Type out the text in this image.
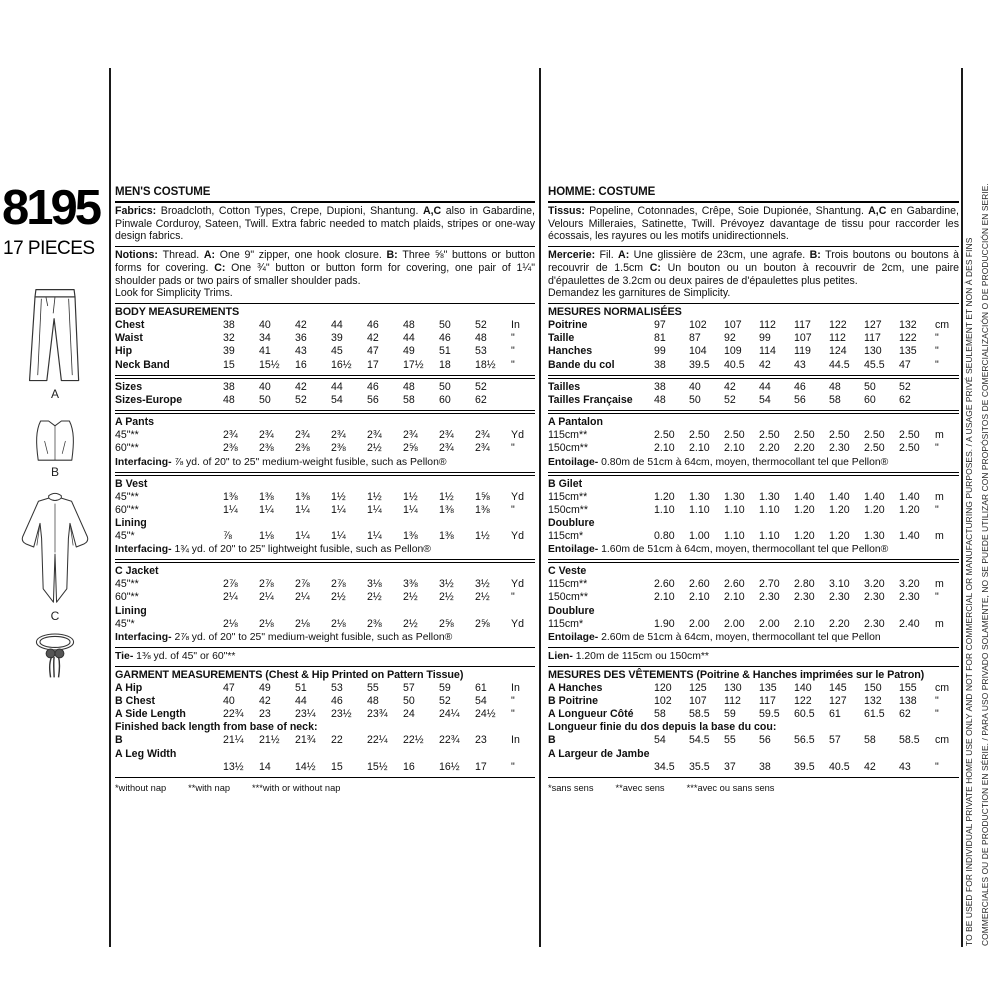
8195
17 PIECES
A
B
C
MEN'S COSTUME
Fabrics: Broadcloth, Cotton Types, Crepe, Dupioni, Shantung. A,C also in Gabardine, Pinwale Corduroy, Sateen, Twill. Extra fabric needed to match plaids, stripes or one-way design fabrics.
Notions: Thread. A: One 9" zipper, one hook closure. B: Three ⅝" buttons or button forms for covering. C: One ¾" button or button form for covering, one pair of 1¼" shoulder pads or two pairs of smaller shoulder pads.
Look for Simplicity Trims.
BODY MEASUREMENTS
Chest	38	40	42	44	46	48	50	52	In
Waist	32	34	36	39	42	44	46	48	"
Hip	39	41	43	45	47	49	51	53	"
Neck Band	15	15½	16	16½	17	17½	18	18½	"
Sizes	38	40	42	44	46	48	50	52
Sizes-Europe	48	50	52	54	56	58	60	62
A Pants
45"**	2¾	2¾	2¾	2¾	2¾	2¾	2¾	2¾	Yd
60"**	2⅜	2⅜	2⅜	2⅜	2½	2⅝	2¾	2¾	"
Interfacing- ⅞ yd. of 20" to 25" medium-weight fusible, such as Pellon®
B Vest
45"**	1⅜	1⅜	1⅜	1½	1½	1½	1½	1⅝	Yd
60"**	1¼	1¼	1¼	1¼	1¼	1¼	1⅜	1⅜	"
Lining
45"*	⅞	1⅛	1¼	1¼	1¼	1⅜	1⅜	1½	Yd
Interfacing- 1¾ yd. of 20" to 25" lightweight fusible, such as Pellon®
C Jacket
45"**	2⅞	2⅞	2⅞	2⅞	3⅛	3⅜	3½	3½	Yd
60"**	2¼	2¼	2¼	2½	2½	2½	2½	2½	"
Lining
45"*	2⅛	2⅛	2⅛	2⅛	2⅜	2½	2⅝	2⅝	Yd
Interfacing- 2⅞ yd. of 20" to 25" medium-weight fusible, such as Pellon®
Tie- 1⅜ yd. of 45" or 60"**
GARMENT MEASUREMENTS (Chest & Hip Printed on Pattern Tissue)
A Hip	47	49	51	53	55	57	59	61	In
B Chest	40	42	44	46	48	50	52	54	"
A Side Length	22¾	23	23¼	23½	23¾	24	24¼	24½	"
Finished back length from base of neck:
B	21¼	21½	21¾	22	22¼	22½	22¾	23	In
A Leg Width
13½	14	14½	15	15½	16	16½	17	"
*without nap **with nap ***with or without nap
HOMME: COSTUME
Tissus: Popeline, Cotonnades, Crêpe, Soie Dupionée, Shantung. A,C en Gabardine, Velours Milleraies, Satinette, Twill. Prévoyez davantage de tissu pour raccorder les écossais, les rayures ou les motifs unidirectionnels.
Mercerie: Fil. A: Une glissière de 23cm, une agrafe. B: Trois boutons ou boutons à recouvrir de 1.5cm C: Un bouton ou un bouton à recouvrir de 2cm, une paire d'épaulettes de 3.2cm ou deux paires de d'épaulettes plus petites.
Demandez les garnitures de Simplicity.
MESURES NORMALISÉES
Poitrine	97	102	107	112	117	122	127	132	cm
Taille	81	87	92	99	107	112	117	122	"
Hanches	99	104	109	114	119	124	130	135	"
Bande du col	38	39.5	40.5	42	43	44.5	45.5	47	"
Tailles	38	40	42	44	46	48	50	52
Tailles Française	48	50	52	54	56	58	60	62
A Pantalon
115cm**	2.50	2.50	2.50	2.50	2.50	2.50	2.50	2.50	m
150cm**	2.10	2.10	2.10	2.20	2.20	2.30	2.50	2.50	"
Entoilage- 0.80m de 51cm à 64cm, moyen, thermocollant tel que Pellon®
B Gilet
115cm**	1.20	1.30	1.30	1.30	1.40	1.40	1.40	1.40	m
150cm**	1.10	1.10	1.10	1.10	1.20	1.20	1.20	1.20	"
Doublure
115cm*	0.80	1.00	1.10	1.10	1.20	1.20	1.30	1.40	m
Entoilage- 1.60m de 51cm à 64cm, moyen, thermocollant tel que Pellon®
C Veste
115cm**	2.60	2.60	2.60	2.70	2.80	3.10	3.20	3.20	m
150cm**	2.10	2.10	2.10	2.30	2.30	2.30	2.30	2.30	"
Doublure
115cm*	1.90	2.00	2.00	2.00	2.10	2.20	2.30	2.40	m
Entoilage- 2.60m de 51cm à 64cm, moyen, thermocollant tel que Pellon
Lien- 1.20m de 115cm ou 150cm**
MESURES DES VÊTEMENTS (Poitrine & Hanches imprimées sur le Patron)
A Hanches	120	125	130	135	140	145	150	155	cm
B Poitrine	102	107	112	117	122	127	132	138	"
A Longueur Côté	58	58.5	59	59.5	60.5	61	61.5	62	"
Longueur finie du dos depuis la base du cou:
B	54	54.5	55	56	56.5	57	58	58.5	cm
A Largeur de Jambe
34.5	35.5	37	38	39.5	40.5	42	43	"
*sans sens **avec sens ***avec ou sans sens	TO BE USED FOR INDIVIDUAL PRIVATE HOME USE ONLY AND NOT FOR COMMERCIAL OR MANUFACTURING PURPOSES. / A USAGE PRIVÉ SEULEMENT ET NON À DES FINS COMMERCIALES OU DE PRODUCTION EN SÉRIE. / PARA USO PRIVADO SOLAMENTE, NO SE PUEDE UTILIZAR CON PROPÓSITOS DE COMERCIALIZACIÓN O DE PRODUCCIÓN EN SERIE.
